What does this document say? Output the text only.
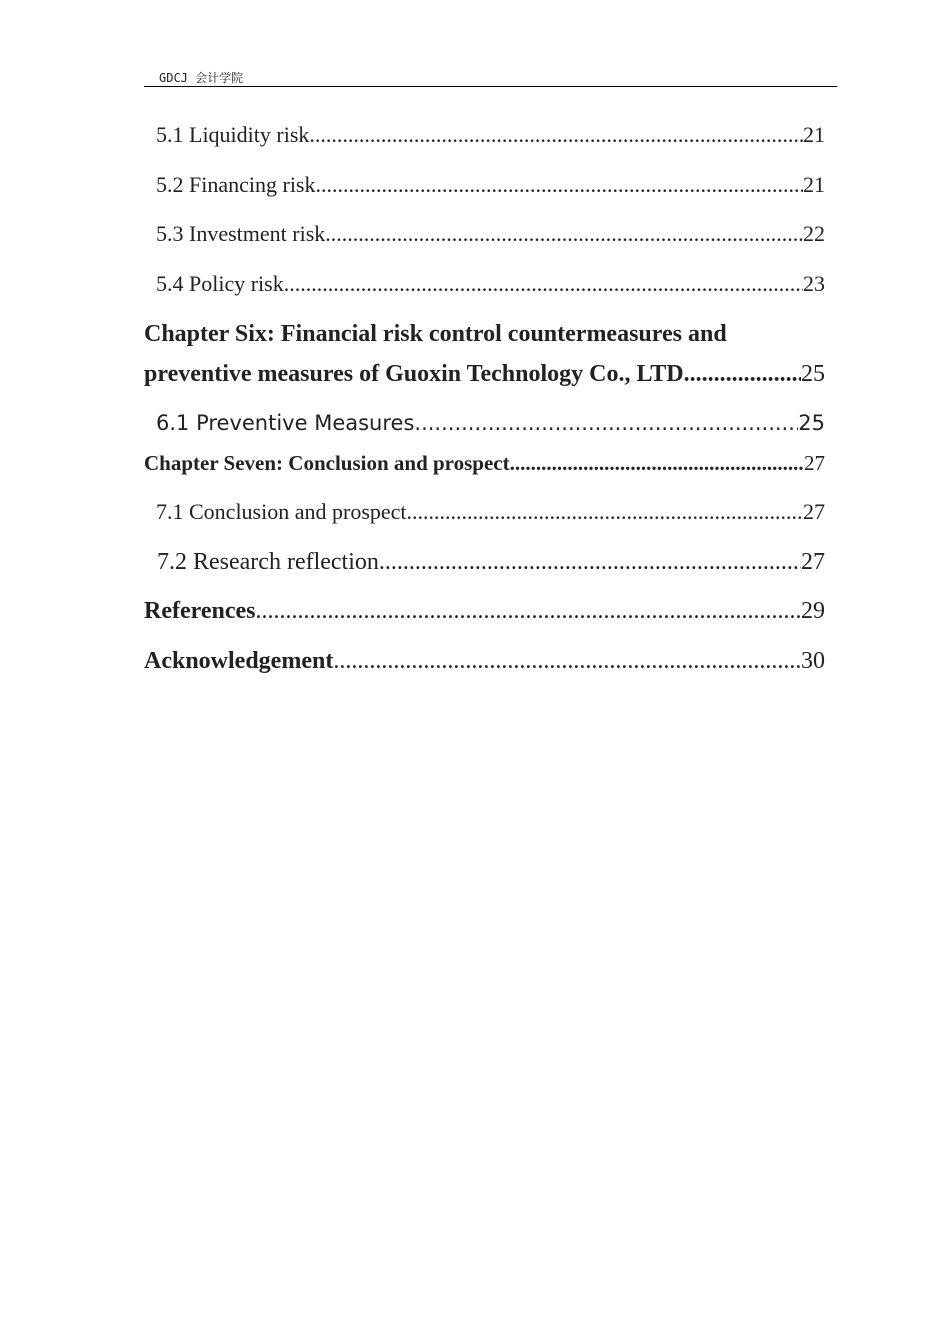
GDCJ 会计学院
5.1 Liquidity risk .....	21
5.2 Financing risk .....	21
5.3 Investment risk .....	22
5.4 Policy risk .....	23
Chapter Six: Financial risk control countermeasures and
preventive measures of Guoxin Technology Co., LTD .....	25
6.1 Preventive Measures .....	25
Chapter Seven: Conclusion and prospect .....	27
7.1 Conclusion and prospect .....	27
7.2 Research reflection .....	27
References .....	29
Acknowledgement .....	30
